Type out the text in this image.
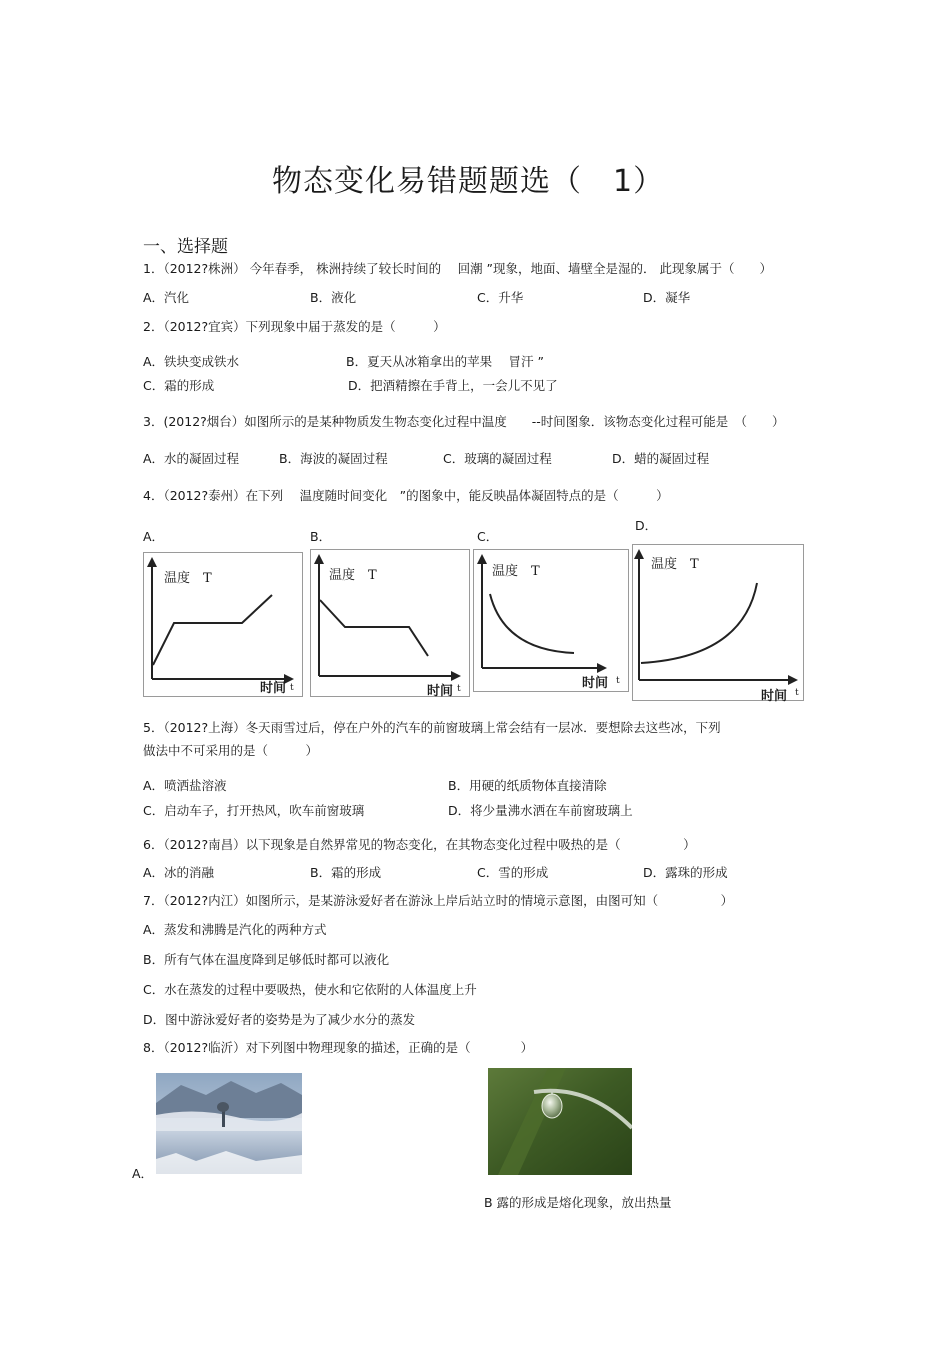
物态变化易错题题选（　1）
一、选择题
1．（2012?株洲） 今年春季， 株洲持续了较长时间的　 回潮 ”现象，地面、墙壁全是湿的． 此现象属于（　　）
A．汽化	B．液化	C．升华	D．凝华
2．（2012?宜宾）下列现象中届于蒸发的是（　　　）
A．铁块变成铁水	B．夏天从冰箱拿出的苹果　 冒汗 ”
C．霜的形成	D．把酒精擦在手背上，一会儿不见了
3．(2012?烟台）如图所示的是某种物质发生物态变化过程中温度　　--时间图象．该物态变化过程可能是　（　　）
A．水的凝固过程	B．海波的凝固过程	C．玻璃的凝固过程	D．蜡的凝固过程
4．（2012?泰州）在下列　 温度随时间变化　”的图象中，能反映晶体凝固特点的是（　　　）
A．	B．	C．
D．
温度　T
时间 t
温度　T
时间 t
温度　T
时间 t
温度　T
时间 t
5．（2012?上海）冬天雨雪过后，停在户外的汽车的前窗玻璃上常会结有一层冰．要想除去这些冰，下列
做法中不可采用的是（　　　）
A．喷洒盐溶液	B．用硬的纸质物体直接清除
C．启动车子，打开热风，吹车前窗玻璃	D．将少量沸水洒在车前窗玻璃上
6．（2012?南昌）以下现象是自然界常见的物态变化，在其物态变化过程中吸热的是（　　　　　）
A．冰的消融	B．霜的形成	C．雪的形成	D．露珠的形成
7．（2012?内江）如图所示，是某游泳爱好者在游泳上岸后站立时的情境示意图，由图可知（　　　　　）
A．蒸发和沸腾是汽化的两种方式
B．所有气体在温度降到足够低时都可以液化
C．水在蒸发的过程中要吸热，使水和它依附的人体温度上升
D．图中游泳爱好者的姿势是为了减少水分的蒸发
8．（2012?临沂）对下列图中物理现象的描述，正确的是（　　　　）
A．
B 露的形成是熔化现象，放出热量
